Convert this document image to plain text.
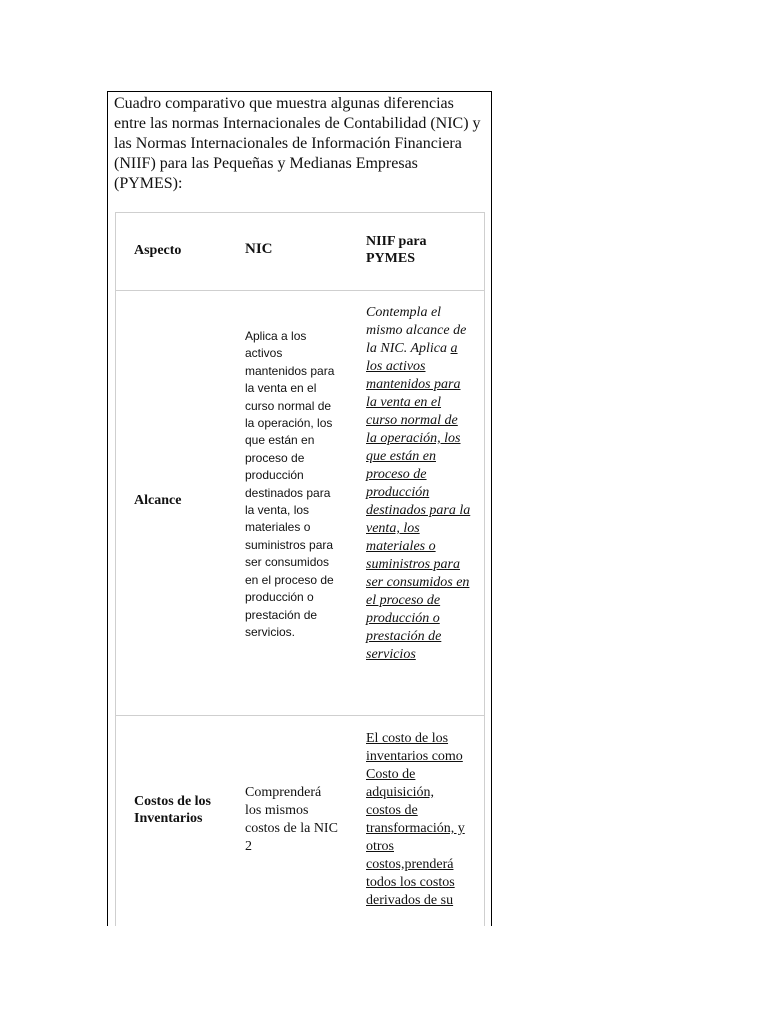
Cuadro comparativo que muestra algunas diferencias entre las normas Internacionales de Contabilidad (NIC) y las Normas Internacionales de Información Financiera (NIIF) para las Pequeñas y Medianas Empresas (PYMES):
Aspecto	NIC	NIIF para PYMES
Alcance
Aplica a los activos mantenidos para la venta en el curso normal de la operación, los que están en proceso de producción destinados para la venta, los materiales o suministros para ser consumidos en el proceso de producción o prestación de servicios.
Contempla el mismo alcance de la NIC. Aplica a los activos mantenidos para la venta en el curso normal de la operación, los que están en proceso de producción destinados para la venta, los materiales o suministros para ser consumidos en el proceso de producción o prestación de servicios
Costos de los Inventarios
Comprenderá los mismos costos de la NIC 2
El costo de los inventarios como Costo de adquisición, costos de transformación, y otros costos,prenderá todos los costos derivados de su
